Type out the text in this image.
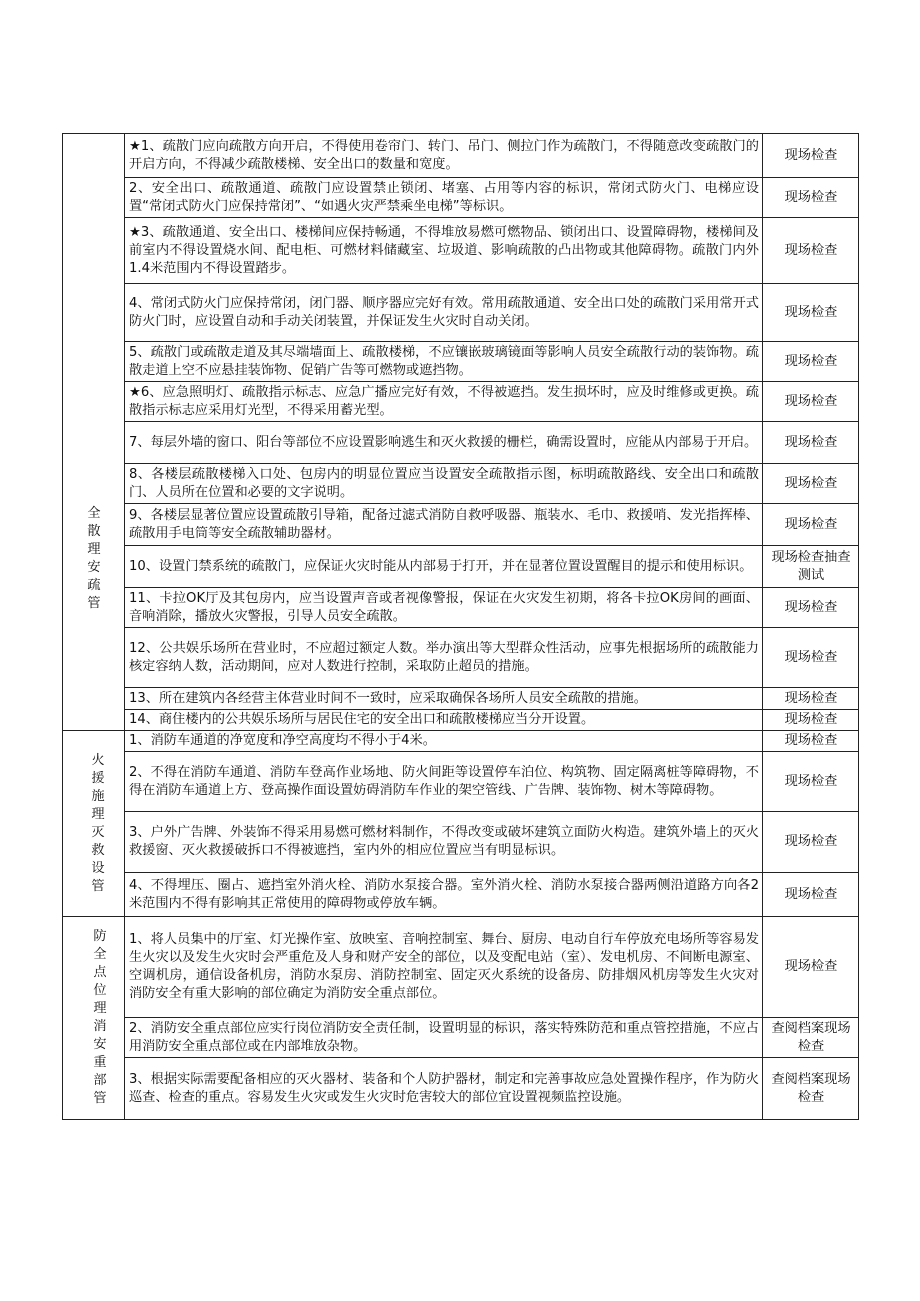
全散理安疏管	★1、疏散门应向疏散方向开启，不得使用卷帘门、转门、吊门、侧拉门作为疏散门，不得随意改变疏散门的开启方向，不得减少疏散楼梯、安全出口的数量和宽度。	现场检查
	2、安全出口、疏散通道、疏散门应设置禁止锁闭、堵塞、占用等内容的标识，常闭式防火门、电梯应设置“常闭式防火门应保持常闭”、“如遇火灾严禁乘坐电梯”等标识。	现场检查
	★3、疏散通道、安全出口、楼梯间应保持畅通，不得堆放易燃可燃物品、锁闭出口、设置障碍物，楼梯间及前室内不得设置烧水间、配电柜、可燃材料储藏室、垃圾道、影响疏散的凸出物或其他障碍物。疏散门内外1.4米范围内不得设置踏步。	现场检查
	4、常闭式防火门应保持常闭，闭门器、顺序器应完好有效。常用疏散通道、安全出口处的疏散门采用常开式防火门时，应设置自动和手动关闭装置，并保证发生火灾时自动关闭。	现场检查
	5、疏散门或疏散走道及其尽端墙面上、疏散楼梯，不应镶嵌玻璃镜面等影响人员安全疏散行动的装饰物。疏散走道上空不应悬挂装饰物、促销广告等可燃物或遮挡物。	现场检查
	★6、应急照明灯、疏散指示标志、应急广播应完好有效，不得被遮挡。发生损坏时，应及时维修或更换。疏散指示标志应采用灯光型，不得采用蓄光型。	现场检查
	7、每层外墙的窗口、阳台等部位不应设置影响逃生和灭火救援的栅栏，确需设置时，应能从内部易于开启。	现场检查
	8、各楼层疏散楼梯入口处、包房内的明显位置应当设置安全疏散指示图，标明疏散路线、安全出口和疏散门、人员所在位置和必要的文字说明。	现场检查
	9、各楼层显著位置应设置疏散引导箱，配备过滤式消防自救呼吸器、瓶装水、毛巾、救援哨、发光指挥棒、疏散用手电筒等安全疏散辅助器材。	现场检查
	10、设置门禁系统的疏散门，应保证火灾时能从内部易于打开，并在显著位置设置醒目的提示和使用标识。	现场检查抽查测试
	11、卡拉OK厅及其包房内，应当设置声音或者视像警报，保证在火灾发生初期，将各卡拉OK房间的画面、音响消除，播放火灾警报，引导人员安全疏散。	现场检查
	12、公共娱乐场所在营业时，不应超过额定人数。举办演出等大型群众性活动，应事先根据场所的疏散能力核定容纳人数，活动期间，应对人数进行控制，采取防止超员的措施。	现场检查
	13、所在建筑内各经营主体营业时间不一致时，应采取确保各场所人员安全疏散的措施。	现场检查
	14、商住楼内的公共娱乐场所与居民住宅的安全出口和疏散楼梯应当分开设置。	现场检查
火援施理灭救设管	1、消防车通道的净宽度和净空高度均不得小于4米。	现场检查
	2、不得在消防车通道、消防车登高作业场地、防火间距等设置停车泊位、构筑物、固定隔离桩等障碍物，不得在消防车通道上方、登高操作面设置妨碍消防车作业的架空管线、广告牌、装饰物、树木等障碍物。	现场检查
	3、户外广告牌、外装饰不得采用易燃可燃材料制作，不得改变或破坏建筑立面防火构造。建筑外墙上的灭火救援窗、灭火救援破拆口不得被遮挡，室内外的相应位置应当有明显标识。	现场检查
	4、不得埋压、圈占、遮挡室外消火栓、消防水泵接合器。室外消火栓、消防水泵接合器两侧沿道路方向各2米范围内不得有影响其正常使用的障碍物或停放车辆。	现场检查
防全点位理消安重部管	1、将人员集中的厅室、灯光操作室、放映室、音响控制室、舞台、厨房、电动自行车停放充电场所等容易发生火灾以及发生火灾时会严重危及人身和财产安全的部位，以及变配电站（室）、发电机房、不间断电源室、空调机房，通信设备机房，消防水泵房、消防控制室、固定灭火系统的设备房、防排烟风机房等发生火灾对消防安全有重大影响的部位确定为消防安全重点部位。	现场检查
	2、消防安全重点部位应实行岗位消防安全责任制，设置明显的标识，落实特殊防范和重点管控措施，不应占用消防安全重点部位或在内部堆放杂物。	查阅档案现场检查
	3、根据实际需要配备相应的灭火器材、装备和个人防护器材，制定和完善事故应急处置操作程序，作为防火巡查、检查的重点。容易发生火灾或发生火灾时危害较大的部位宜设置视频监控设施。	查阅档案现场检查
